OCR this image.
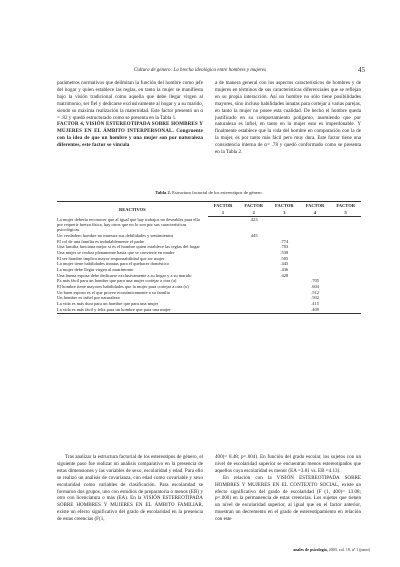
Cultura de género: La brecha ideológica entre hombres y mujeres	45

parámetros normativos que delimitan la función del hombre como jefe del hogar y quien establece las reglas, en tanto la mujer se manifiesta bajo la visión tradicional como aquella que debe llegar virgen al matrimonio, ser fiel y dedicarse exclusivamente al hogar y a su marido, siendo su máxima realización la maternidad. Este factor presentó un α = .82 y quedó estructurado como se presenta en la Tabla 1.

FACTOR 4, VISIÓN ESTEREOTIPADA SOBRE HOMBRES Y MUJERES EN EL ÁMBITO INTERPERSONAL. Congruente con la idea de que un hombre y una mujer son por naturaleza diferentes, este factor se vincula

a de manera general con los aspectos característicos de hombres y de mujeres en términos de sus características diferenciales que se reflejan en su propia interacción. Así un hombre no sólo tiene posibilidades mayores, sino incluso habilidades innatas para cortejar a varias parejas, en tanto la mujer no posee esta cualidad. De hecho el hombre queda justificado en su comportamiento polígamo, asumiendo que por naturaleza es infiel, en tanto en la mujer esto es imperdonable. Y finalmente establece que la vida del hombre en comparación con la de la mujer, es por tanto más fácil pero muy dura. Este factor tiene una consistencia interna de α= .78 y quedó conformado como se presenta en la Tabla 2.

Tabla 2. Estructura factorial de los estereotipos de género.
REACTIVOS	FACTOR	FACTOR	FACTOR	FACTOR	FACTOR
	1	2	3	4	5
La mujer debería reconocer que al igual que hay trabajos no deseables para ella por requerir fuerza física, hay otros que no lo son por sus características psicológicas		.423			
Un verdadero hombre no muestra sus debilidades y sentimientos		.445			
El rol de una familia es indudablemente el padre			.774		
Una familia funciona mejor si es el hombre quien establece las reglas del hogar			.703		
Una mujer se realiza plenamente hasta que se convierte en madre			.538		
El ser hombre implica mayor responsabilidad que ser mujer			.505		
La mujer tiene habilidades innatas para el quehacer doméstico			.445		
La mujer debe llegar virgen al matrimonio			.436		
Una buena esposa debe dedicarse exclusivamente a su hogar y a su marido			.428		
Es más fácil para un hombre que para una mujer cortejar a otra (a)				.705	
El hombre tiene mayores habilidades que la mujer para cortejar a otra (o)				.604	
Un buen esposo es el que provee económicamente a su familia				.512	
Un hombre es infiel por naturaleza				.502	
La vida es más dura para un hombre que para una mujer				.415	
La vida es más fácil y feliz para un hombre que para una mujer				.409	

Tras analizar la estructura factorial de los estereotipos de género, el siguiente paso fue realizar un análisis comparativo en la presencia de estas dimensiones y las variables de sexo, escolaridad y edad. Para ello se realizó un análisis de covarianza, con edad como covariable y sexo escolaridad como variables de clasificación. Para escolaridad se formaron dos grupos, uno con estudios de preparatoria o menos (EB) y otro con licenciatura o más (EA). En la VISIÓN ESTEREOTIPADA SOBRE HOMBRES Y MUJERES EN EL ÁMBITO FAMILIAR, existe un efecto significativo del grado de escolaridad en la presencia de estas creencias (F(1,

400)= 8.48; p=.004). En función del grado escolar, los sujetos con un nivel de escolaridad superior se encuentran menos estereotipados que aquellos cuya escolaridad es menor (EA =3.81 vs. EB =4.13).

En relación con la VISIÓN ESTEREOTIPADA SOBRE HOMBRES Y MUJERES EN EL CONTEXTO SOCIAL, existe un efecto significativo del grado de escolaridad (F (1, 400)= 13.08; p=.000) en la permanencia de estas creencias. Los sujetos que tienen un nivel de escolaridad superior, al igual que en el factor anterior, muestran un decremento en el grado de estereotipamiento en relación con este

anales de psicología, 2003, vol. 19, nº 1 (junio)
